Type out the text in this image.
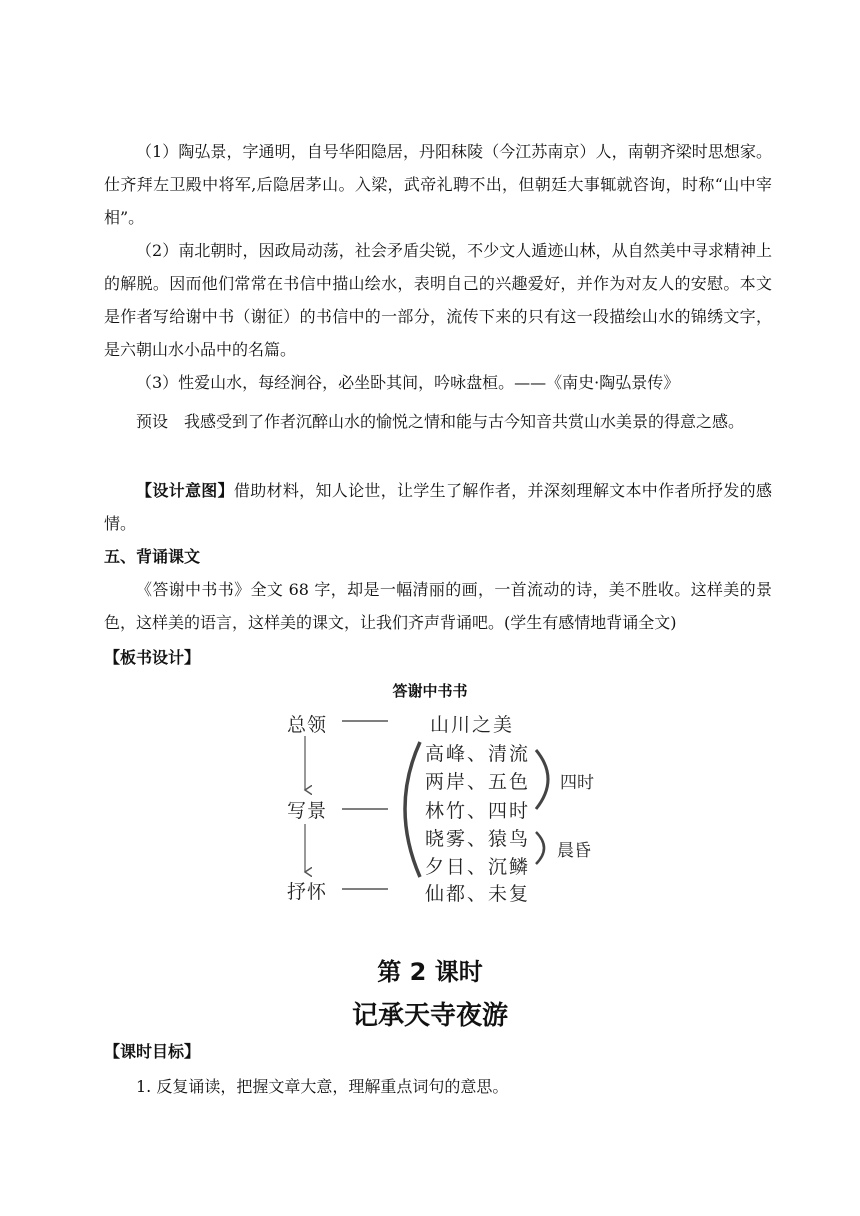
（1）陶弘景，字通明，自号华阳隐居，丹阳秣陵（今江苏南京）人，南朝齐梁时思想家。仕齐拜左卫殿中将军,后隐居茅山。入梁，武帝礼聘不出，但朝廷大事辄就咨询，时称“山中宰相”。

（2）南北朝时，因政局动荡，社会矛盾尖锐，不少文人遁迹山林，从自然美中寻求精神上的解脱。因而他们常常在书信中描山绘水，表明自己的兴趣爱好，并作为对友人的安慰。本文是作者写给谢中书（谢征）的书信中的一部分，流传下来的只有这一段描绘山水的锦绣文字，是六朝山水小品中的名篇。

（3）性爱山水，每经涧谷，必坐卧其间，吟咏盘桓。——《南史·陶弘景传》

预设　我感受到了作者沉醉山水的愉悦之情和能与古今知音共赏山水美景的得意之感。

【设计意图】借助材料，知人论世，让学生了解作者，并深刻理解文本中作者所抒发的感情。

五、背诵课文

《答谢中书书》全文 68 字，却是一幅清丽的画，一首流动的诗，美不胜收。这样美的景色，这样美的语言，这样美的课文，让我们齐声背诵吧。(学生有感情地背诵全文)

【板书设计】
答谢中书书
总领
写景
抒怀
山川之美
高峰、清流
两岸、五色
林竹、四时
晓雾、猿鸟
夕日、沉鳞
仙都、未复
四时
晨昏
第 2 课时
记承天寺夜游
【课时目标】

1. 反复诵读，把握文章大意，理解重点词句的意思。
